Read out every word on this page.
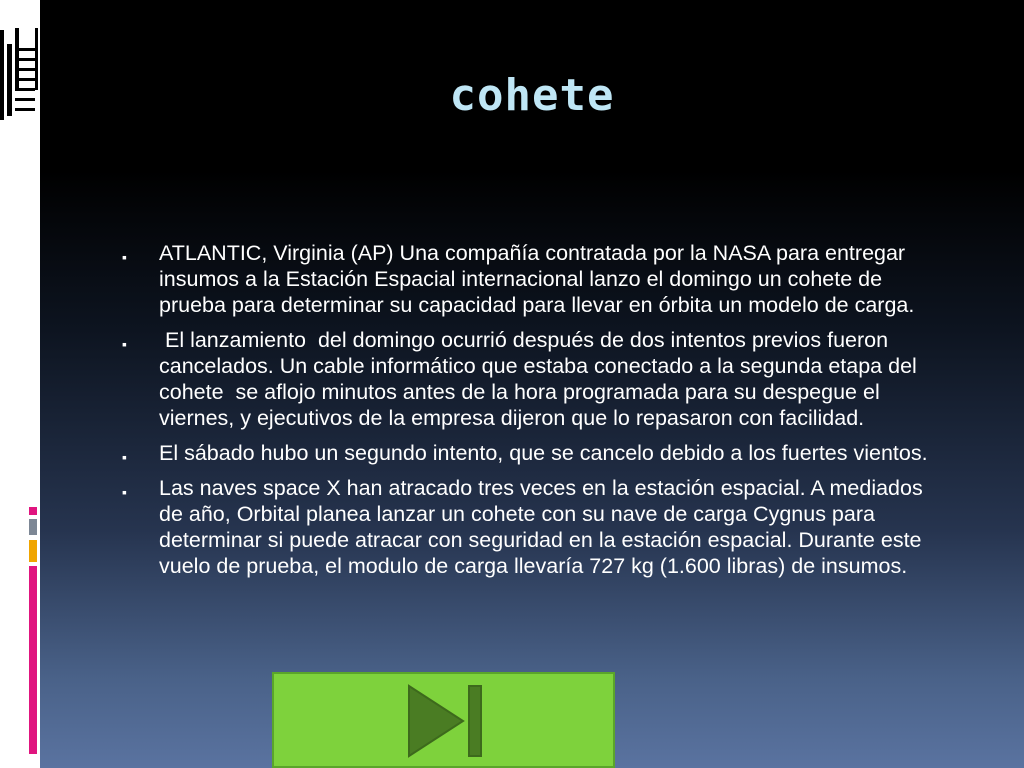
cohete
▪ ATLANTIC, Virginia (AP) Una compañía contratada por la NASA para entregar insumos a la Estación Espacial internacional lanzo el domingo un cohete de prueba para determinar su capacidad para llevar en órbita un modelo de carga.
▪ El lanzamiento  del domingo ocurrió después de dos intentos previos fueron cancelados. Un cable informático que estaba conectado a la segunda etapa del cohete  se aflojo minutos antes de la hora programada para su despegue el viernes, y ejecutivos de la empresa dijeron que lo repasaron con facilidad.
▪ El sábado hubo un segundo intento, que se cancelo debido a los fuertes vientos.
▪ Las naves space X han atracado tres veces en la estación espacial. A mediados de año, Orbital planea lanzar un cohete con su nave de carga Cygnus para determinar si puede atracar con seguridad en la estación espacial. Durante este vuelo de prueba, el modulo de carga llevaría 727 kg (1.600 libras) de insumos.
